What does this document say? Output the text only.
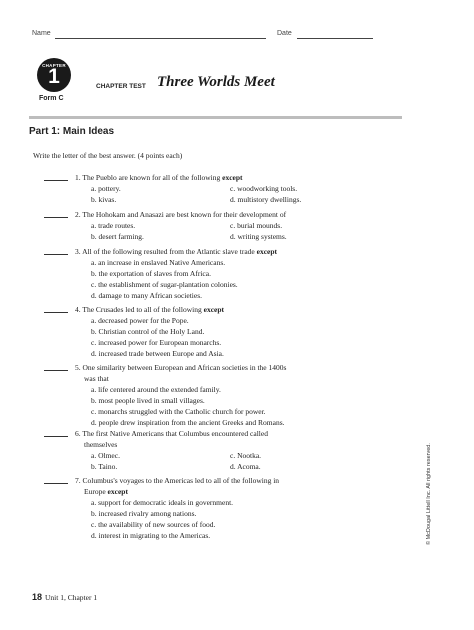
Name	Date
CHAPTER
1
Form C
CHAPTER TEST Three Worlds Meet
Part 1: Main Ideas
Write the letter of the best answer. (4 points each)
1. The Pueblo are known for all of the following except
a. pottery.	c. woodworking tools.
b. kivas.	d. multistory dwellings.
2. The Hohokam and Anasazi are best known for their development of
a. trade routes.	c. burial mounds.
b. desert farming.	d. writing systems.
3. All of the following resulted from the Atlantic slave trade except
a. an increase in enslaved Native Americans.
b. the exportation of slaves from Africa.
c. the establishment of sugar-plantation colonies.
d. damage to many African societies.
4. The Crusades led to all of the following except
a. decreased power for the Pope.
b. Christian control of the Holy Land.
c. increased power for European monarchs.
d. increased trade between Europe and Asia.
5. One similarity between European and African societies in the 1400s
was that
a. life centered around the extended family.
b. most people lived in small villages.
c. monarchs struggled with the Catholic church for power.
d. people drew inspiration from the ancient Greeks and Romans.
6. The first Native Americans that Columbus encountered called
themselves
a. Olmec.	c. Nootka.
b. Taino.	d. Acoma.
7. Columbus's voyages to the Americas led to all of the following in
Europe except
a. support for democratic ideals in government.
b. increased rivalry among nations.
c. the availability of new sources of food.
d. interest in migrating to the Americas.	© McDougal Littell Inc. All rights reserved.
18 Unit 1, Chapter 1
